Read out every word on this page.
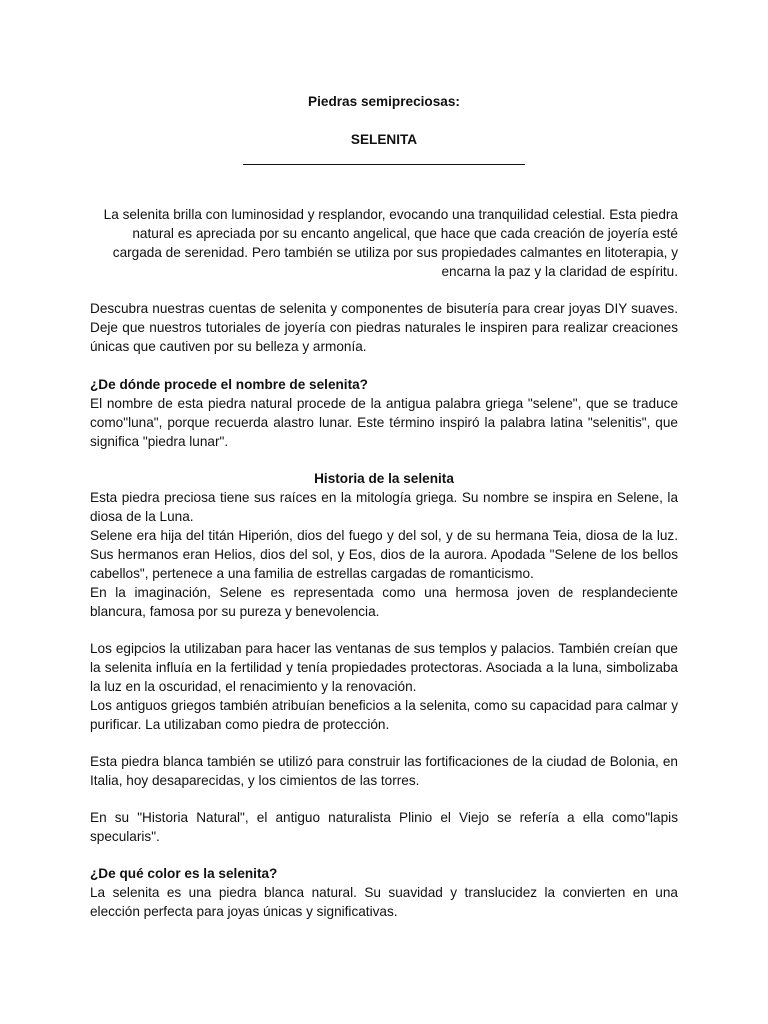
Piedras semipreciosas:
SELENITA

La selenita brilla con luminosidad y resplandor, evocando una tranquilidad celestial. Esta piedra natural es apreciada por su encanto angelical, que hace que cada creación de joyería esté cargada de serenidad. Pero también se utiliza por sus propiedades calmantes en litoterapia, y encarna la paz y la claridad de espíritu.

Descubra nuestras cuentas de selenita y componentes de bisutería para crear joyas DIY suaves. Deje que nuestros tutoriales de joyería con piedras naturales le inspiren para realizar creaciones únicas que cautiven por su belleza y armonía.

¿De dónde procede el nombre de selenita?

El nombre de esta piedra natural procede de la antigua palabra griega "selene", que se traduce como"luna", porque recuerda alastro lunar. Este término inspiró la palabra latina "selenitis", que significa "piedra lunar".

Historia de la selenita

Esta piedra preciosa tiene sus raíces en la mitología griega. Su nombre se inspira en Selene, la diosa de la Luna.

Selene era hija del titán Hiperión, dios del fuego y del sol, y de su hermana Teia, diosa de la luz. Sus hermanos eran Helios, dios del sol, y Eos, dios de la aurora. Apodada "Selene de los bellos cabellos", pertenece a una familia de estrellas cargadas de romanticismo.

En la imaginación, Selene es representada como una hermosa joven de resplandeciente blancura, famosa por su pureza y benevolencia.

Los egipcios la utilizaban para hacer las ventanas de sus templos y palacios. También creían que la selenita influía en la fertilidad y tenía propiedades protectoras. Asociada a la luna, simbolizaba la luz en la oscuridad, el renacimiento y la renovación.

Los antiguos griegos también atribuían beneficios a la selenita, como su capacidad para calmar y purificar. La utilizaban como piedra de protección.

Esta piedra blanca también se utilizó para construir las fortificaciones de la ciudad de Bolonia, en Italia, hoy desaparecidas, y los cimientos de las torres.

En su "Historia Natural", el antiguo naturalista Plinio el Viejo se refería a ella como"lapis specularis".

¿De qué color es la selenita?

La selenita es una piedra blanca natural. Su suavidad y translucidez la convierten en una elección perfecta para joyas únicas y significativas.
